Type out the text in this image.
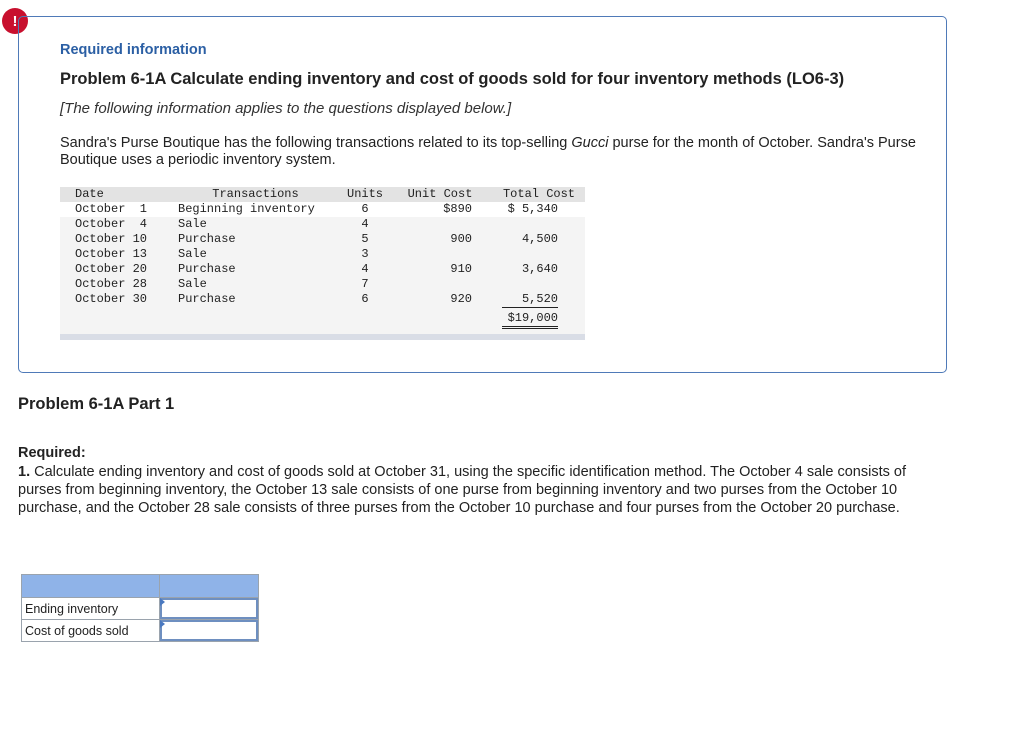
!
Required information
Problem 6-1A Calculate ending inventory and cost of goods sold for four inventory methods (LO6-3)
[The following information applies to the questions displayed below.]
Sandra's Purse Boutique has the following transactions related to its top-selling Gucci purse for the month of October. Sandra's Purse Boutique uses a periodic inventory system.
Date	Transactions	Units	Unit Cost	Total Cost
October  1	Beginning inventory	6	$890	$ 5,340
October  4	Sale	4
October 10	Purchase	5	900	4,500
October 13	Sale	3
October 20	Purchase	4	910	3,640
October 28	Sale	7
October 30	Purchase	6	920	5,520
$19,000
Problem 6-1A Part 1
Required:
1. Calculate ending inventory and cost of goods sold at October 31, using the specific identification method. The October 4 sale consists of purses from beginning inventory, the October 13 sale consists of one purse from beginning inventory and two purses from the October 10 purchase, and the October 28 sale consists of three purses from the October 10 purchase and four purses from the October 20 purchase.

Ending inventory	

Cost of goods sold	
